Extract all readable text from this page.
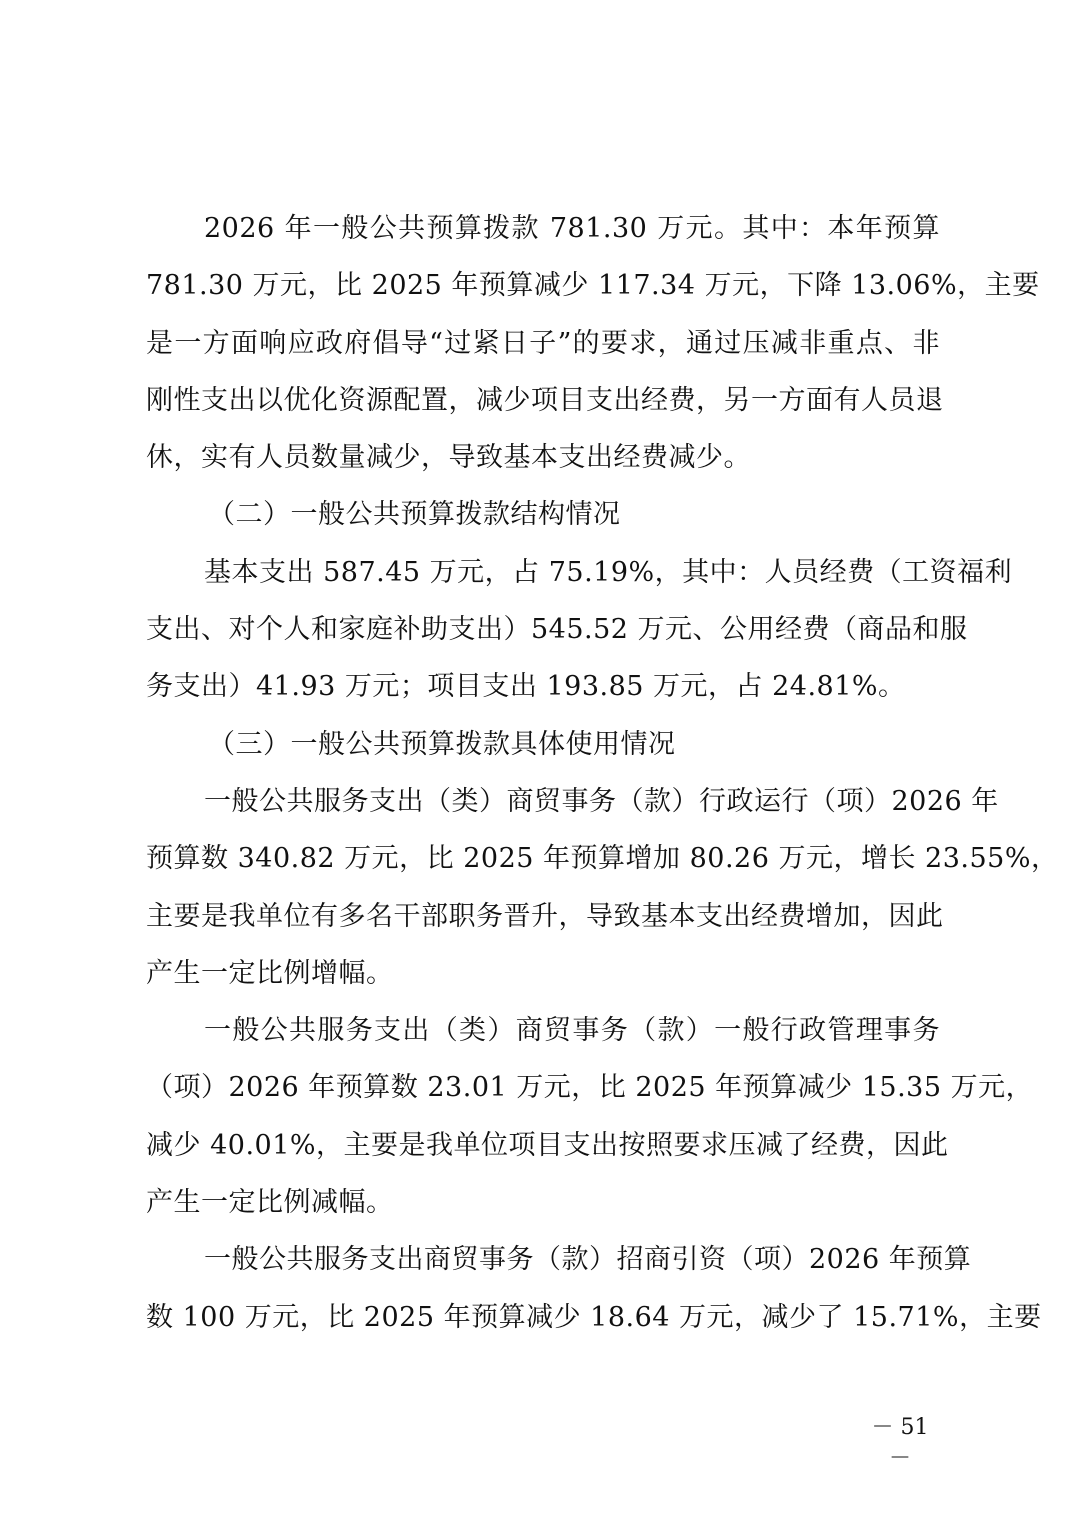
2026 年一般公共预算拨款 781.30 万元。其中：本年预算
781.30 万元，比 2025 年预算减少 117.34 万元，下降 13.06%，主要
是一方面响应政府倡导“过紧日子”的要求，通过压减非重点、非
刚性支出以优化资源配置，减少项目支出经费，另一方面有人员退
休，实有人员数量减少，导致基本支出经费减少。
（二）一般公共预算拨款结构情况
基本支出 587.45 万元，占 75.19%，其中：人员经费（工资福利
支出、对个人和家庭补助支出）545.52 万元、公用经费（商品和服
务支出）41.93 万元；项目支出 193.85 万元，占 24.81%。
（三）一般公共预算拨款具体使用情况
一般公共服务支出（类）商贸事务（款）行政运行（项）2026 年
预算数 340.82 万元，比 2025 年预算增加 80.26 万元，增长 23.55%，
主要是我单位有多名干部职务晋升，导致基本支出经费增加，因此
产生一定比例增幅。
一般公共服务支出（类）商贸事务（款）一般行政管理事务
（项）2026 年预算数 23.01 万元，比 2025 年预算减少 15.35 万元，
减少 40.01%，主要是我单位项目支出按照要求压减了经费，因此
产生一定比例减幅。
一般公共服务支出商贸事务（款）招商引资（项）2026 年预算
数 100 万元，比 2025 年预算减少 18.64 万元，减少了 15.71%，主要
－ 51 －
